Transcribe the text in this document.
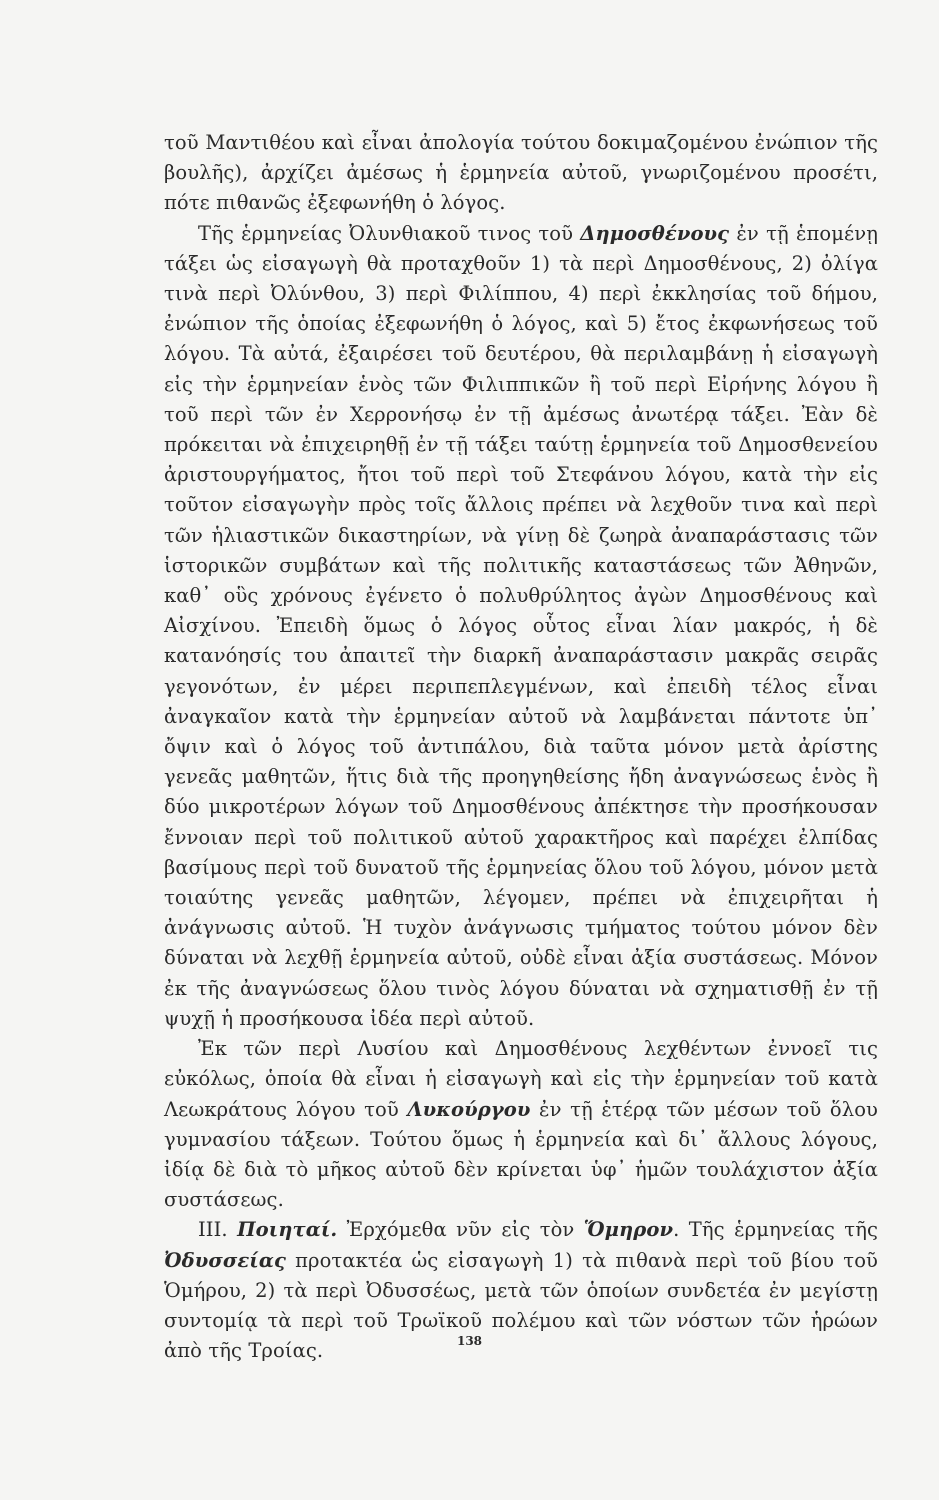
τοῦ Μαντιθέου καὶ εἶναι ἀπολογία τούτου δοκιμαζομένου ἐνώπιον τῆς βουλῆς), ἀρχίζει ἀμέσως ἡ ἑρμηνεία αὐτοῦ, γνωριζομένου προσέτι, πότε πιθανῶς ἐξεφωνήθη ὁ λόγος.

Τῆς ἑρμηνείας Ὀλυνθιακοῦ τινος τοῦ Δημοσθένους ἐν τῇ ἑπομένῃ τάξει ὡς εἰσαγωγὴ θὰ προταχθοῦν 1) τὰ περὶ Δημοσθένους, 2) ὀλίγα τινὰ περὶ Ὀλύνθου, 3) περὶ Φιλίππου, 4) περὶ ἐκκλησίας τοῦ δήμου, ἐνώπιον τῆς ὁποίας ἐξεφωνήθη ὁ λόγος, καὶ 5) ἔτος ἐκφωνήσεως τοῦ λόγου. Τὰ αὐτά, ἐξαιρέσει τοῦ δευτέρου, θὰ περιλαμβάνῃ ἡ εἰσαγωγὴ εἰς τὴν ἑρμηνείαν ἑνὸς τῶν Φιλιππικῶν ἢ τοῦ περὶ Εἰρήνης λόγου ἢ τοῦ περὶ τῶν ἐν Χερρονήσῳ ἐν τῇ ἀμέσως ἀνωτέρᾳ τάξει. Ἐὰν δὲ πρόκειται νὰ ἐπιχειρηθῇ ἐν τῇ τάξει ταύτῃ ἑρμηνεία τοῦ Δημοσθενείου ἀριστουργήματος, ἤτοι τοῦ περὶ τοῦ Στεφάνου λόγου, κατὰ τὴν εἰς τοῦτον εἰσαγωγὴν πρὸς τοῖς ἄλλοις πρέπει νὰ λεχθοῦν τινα καὶ περὶ τῶν ἡλιαστικῶν δικαστηρίων, νὰ γίνῃ δὲ ζωηρὰ ἀναπαράστασις τῶν ἱστορικῶν συμβάτων καὶ τῆς πολιτικῆς καταστάσεως τῶν Ἀθηνῶν, καθ᾽ οὓς χρόνους ἐγένετο ὁ πολυθρύλητος ἀγὼν Δημοσθένους καὶ Αἰσχίνου. Ἐπειδὴ ὅμως ὁ λόγος οὗτος εἶναι λίαν μακρός, ἡ δὲ κατανόησίς του ἀπαιτεῖ τὴν διαρκῆ ἀναπαράστασιν μακρᾶς σειρᾶς γεγονότων, ἐν μέρει περιπεπλεγμένων, καὶ ἐπειδὴ τέλος εἶναι ἀναγκαῖον κατὰ τὴν ἑρμηνείαν αὐτοῦ νὰ λαμβάνεται πάντοτε ὑπ᾽ ὄψιν καὶ ὁ λόγος τοῦ ἀντιπάλου, διὰ ταῦτα μόνον μετὰ ἀρίστης γενεᾶς μαθητῶν, ἥτις διὰ τῆς προηγηθείσης ἤδη ἀναγνώσεως ἑνὸς ἢ δύο μικροτέρων λόγων τοῦ Δημοσθένους ἀπέκτησε τὴν προσήκουσαν ἔννοιαν περὶ τοῦ πολιτικοῦ αὐτοῦ χαρακτῆρος καὶ παρέχει ἐλπίδας βασίμους περὶ τοῦ δυνατοῦ τῆς ἑρμηνείας ὅλου τοῦ λόγου, μόνον μετὰ τοιαύτης γενεᾶς μαθητῶν, λέγομεν, πρέπει νὰ ἐπιχειρῆται ἡ ἀνάγνωσις αὐτοῦ. Ἡ τυχὸν ἀνάγνωσις τμήματος τούτου μόνον δὲν δύναται νὰ λεχθῇ ἑρμηνεία αὐτοῦ, οὐδὲ εἶναι ἀξία συστάσεως. Μόνον ἐκ τῆς ἀναγνώσεως ὅλου τινὸς λόγου δύναται νὰ σχηματισθῇ ἐν τῇ ψυχῇ ἡ προσήκουσα ἰδέα περὶ αὐτοῦ.

Ἐκ τῶν περὶ Λυσίου καὶ Δημοσθένους λεχθέντων ἐννοεῖ τις εὐκόλως, ὁποία θὰ εἶναι ἡ εἰσαγωγὴ καὶ εἰς τὴν ἑρμηνείαν τοῦ κατὰ Λεωκράτους λόγου τοῦ Λυκούργου ἐν τῇ ἑτέρᾳ τῶν μέσων τοῦ ὅλου γυμνασίου τάξεων. Τούτου ὅμως ἡ ἑρμηνεία καὶ δι᾽ ἄλλους λόγους, ἰδίᾳ δὲ διὰ τὸ μῆκος αὐτοῦ δὲν κρίνεται ὑφ᾽ ἡμῶν τουλάχιστον ἀξία συστάσεως.

III. Ποιηταί. Ἐρχόμεθα νῦν εἰς τὸν Ὅμηρον. Τῆς ἑρμηνείας τῆς Ὀδυσσείας προτακτέα ὡς εἰσαγωγὴ 1) τὰ πιθανὰ περὶ τοῦ βίου τοῦ Ὁμήρου, 2) τὰ περὶ Ὀδυσσέως, μετὰ τῶν ὁποίων συνδετέα ἐν μεγίστῃ συντομίᾳ τὰ περὶ τοῦ Τρωϊκοῦ πολέμου καὶ τῶν νόστων τῶν ἡρώων ἀπὸ τῆς Τροίας.	138
